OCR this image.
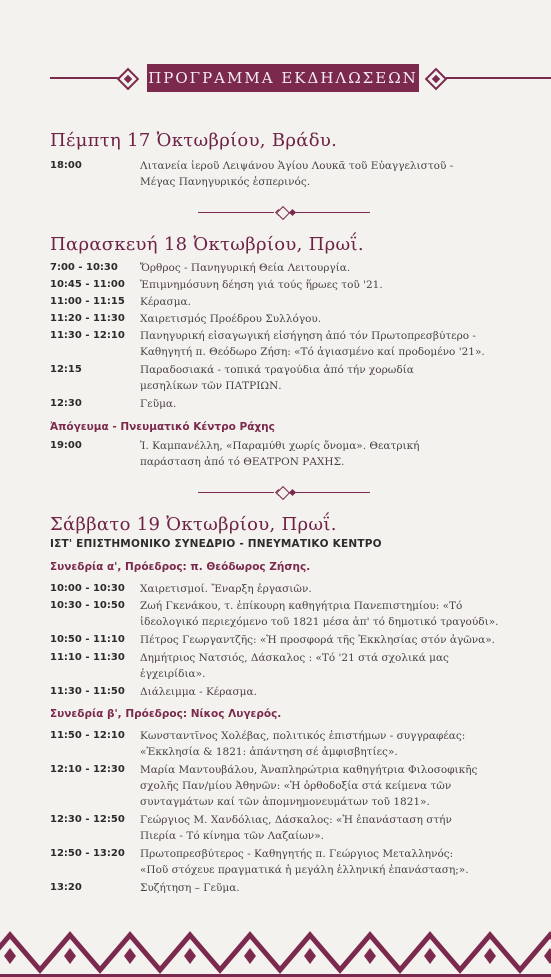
ΠΡΟΓΡΑΜΜΑ ΕΚΔΗΛΩΣΕΩΝ
Πέμπτη 17 Ὀκτωβρίου, Βράδυ.
18:00	Λιτανεία ἱεροῦ Λειψάνου Ἁγίου Λουκᾶ τοῦ Εὐαγγελιστοῦ -
Μέγας Πανηγυρικός ἑσπερινός.
Παρασκευή 18 Ὀκτωβρίου, Πρωΐ.
7:00 - 10:30	Ὄρθρος - Πανηγυρική Θεία Λειτουργία.
10:45 - 11:00	Ἐπιμνημόσυνη δέηση γιά τούς ἥρωες τοῦ '21.
11:00 - 11:15	Κέρασμα.
11:20 - 11:30	Χαιρετισμός Προέδρου Συλλόγου.
11:30 - 12:10	Πανηγυρική εἰσαγωγική εἰσήγηση ἀπό τόν Πρωτοπρεσβύτερο -
Καθηγητή π. Θεόδωρο Ζήση: «Τό ἁγιασμένο καί προδομένο '21».
12:15	Παραδοσιακά - τοπικά τραγούδια ἀπό τήν χορωδία
μεσηλίκων τῶν ΠΑΤΡΙΩΝ.
12:30	Γεῦμα.
Ἀπόγευμα - Πνευματικό Κέντρο Ράχης
19:00	Ἰ. Καμπανέλλη, «Παραμύθι χωρίς ὄνομα». Θεατρική
παράσταση ἀπό τό ΘΕΑΤΡΟΝ ΡΑΧΗΣ.
Σάββατο 19 Ὀκτωβρίου, Πρωΐ.
ΙΣΤ' ΕΠΙΣΤΗΜΟΝΙΚΟ ΣΥΝΕΔΡΙΟ - ΠΝΕΥΜΑΤΙΚΟ ΚΕΝΤΡΟ
Συνεδρία α', Πρόεδρος: π. Θεόδωρος Ζήσης.
10:00 - 10:30	Χαιρετισμοί. Ἔναρξη ἐργασιῶν.
10:30 - 10:50	Ζωή Γκενάκου, τ. ἐπίκουρη καθηγήτρια Πανεπιστημίου: «Τό
ἰδεολογικό περιεχόμενο τοῦ 1821 μέσα ἀπ' τό δημοτικό τραγούδι».
10:50 - 11:10	Πέτρος Γεωργαντζῆς: «Ἡ προσφορά τῆς Ἐκκλησίας στόν ἀγῶνα».
11:10 - 11:30	Δημήτριος Νατσιός, Δάσκαλος : «Τό '21 στά σχολικά μας
ἐγχειρίδια».
11:30 - 11:50	Διάλειμμα - Κέρασμα.
Συνεδρία β', Πρόεδρος: Νίκος Λυγερός.
11:50 - 12:10	Κωνσταντῖνος Χολέβας, πολιτικός ἐπιστήμων - συγγραφέας:
«Ἐκκλησία & 1821: ἀπάντηση σέ ἀμφισβητίες».
12:10 - 12:30	Μαρία Μαντουβάλου, Ἀναπληρώτρια καθηγήτρια Φιλοσοφικῆς
σχολῆς Παν/μίου Ἀθηνῶν: «Ἡ ὀρθοδοξία στά κείμενα τῶν
συνταγμάτων καί τῶν ἀπομνημονευμάτων τοῦ 1821».
12:30 - 12:50	Γεώργιος Μ. Χανδόλιας, Δάσκαλος: «Ἡ ἐπανάσταση στήν
Πιερία - Τό κίνημα τῶν Λαζαίων».
12:50 - 13:20	Πρωτοπρεσβύτερος - Καθηγητής π. Γεώργιος Μεταλληνός:
«Ποῦ στόχευε πραγματικά ἡ μεγάλη ἑλληνική ἐπανάσταση;».
13:20	Συζήτηση – Γεῦμα.
